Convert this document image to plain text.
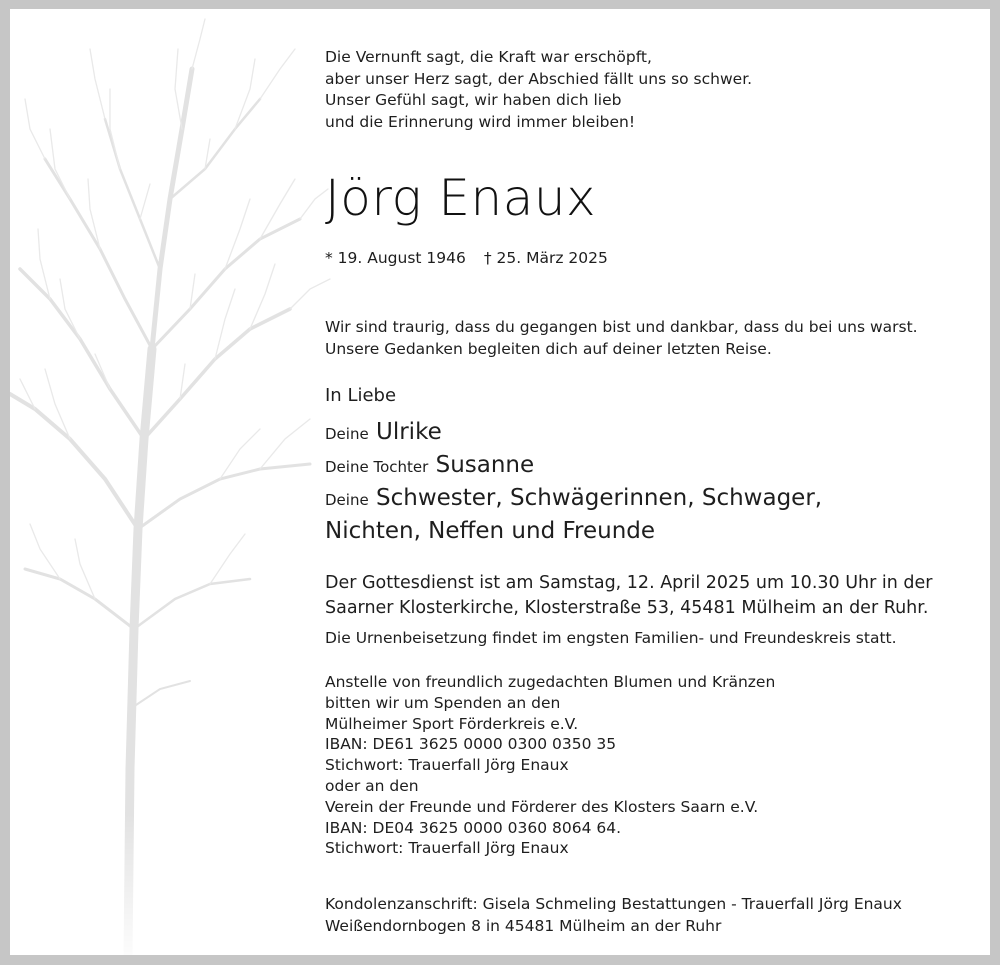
Die Vernunft sagt, die Kraft war erschöpft,
aber unser Herz sagt, der Abschied fällt uns so schwer.
Unser Gefühl sagt, wir haben dich lieb
und die Erinnerung wird immer bleiben!
Jörg Enaux
* 19. August 1946 † 25. März 2025
Wir sind traurig, dass du gegangen bist und dankbar, dass du bei uns warst.
Unsere Gedanken begleiten dich auf deiner letzten Reise.
In Liebe
Deine Ulrike
Deine Tochter Susanne
Deine Schwester, Schwägerinnen, Schwager,
Nichten, Neffen und Freunde
Der Gottesdienst ist am Samstag, 12. April 2025 um 10.30 Uhr in der
Saarner Klosterkirche, Klosterstraße 53, 45481 Mülheim an der Ruhr.
Die Urnenbeisetzung findet im engsten Familien- und Freundeskreis statt.
Anstelle von freundlich zugedachten Blumen und Kränzen
bitten wir um Spenden an den
Mülheimer Sport Förderkreis e.V.
IBAN: DE61 3625 0000 0300 0350 35
Stichwort: Trauerfall Jörg Enaux
oder an den
Verein der Freunde und Förderer des Klosters Saarn e.V.
IBAN: DE04 3625 0000 0360 8064 64.
Stichwort: Trauerfall Jörg Enaux
Kondolenzanschrift: Gisela Schmeling Bestattungen - Trauerfall Jörg Enaux
Weißendornbogen 8 in 45481 Mülheim an der Ruhr
